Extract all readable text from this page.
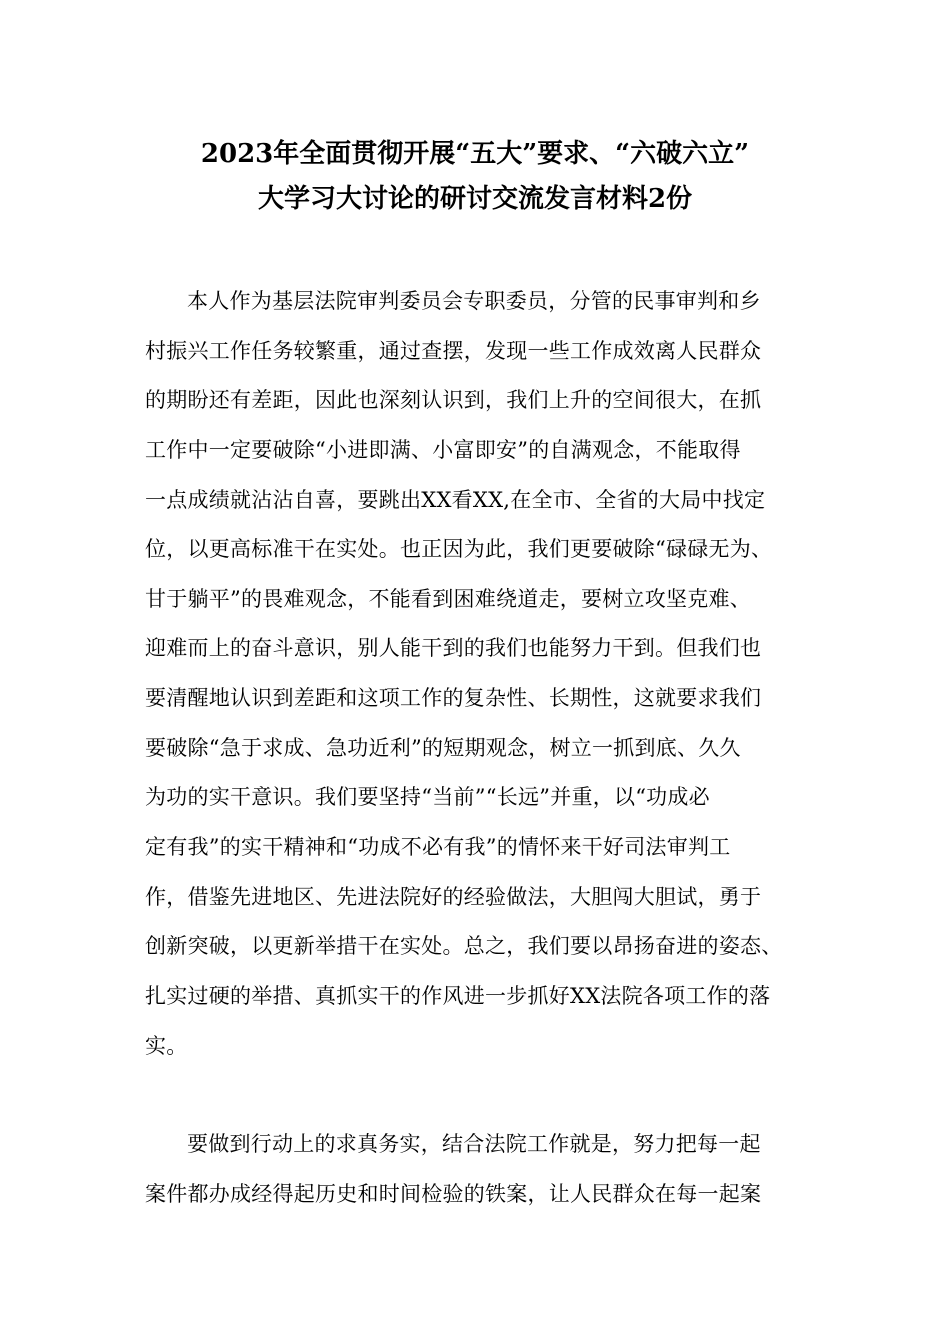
2023年全面贯彻开展“五大”要求、“六破六立”
大学习大讨论的研讨交流发言材料2份
本人作为基层法院审判委员会专职委员，分管的民事审判和乡
村振兴工作任务较繁重，通过查摆，发现一些工作成效离人民群众
的期盼还有差距，因此也深刻认识到，我们上升的空间很大，在抓
工作中一定要破除“小进即满、小富即安”的自满观念，不能取得
一点成绩就沾沾自喜，要跳出XX看XX,在全市、全省的大局中找定
位，以更高标准干在实处。也正因为此，我们更要破除“碌碌无为、
甘于躺平”的畏难观念，不能看到困难绕道走，要树立攻坚克难、
迎难而上的奋斗意识，别人能干到的我们也能努力干到。但我们也
要清醒地认识到差距和这项工作的复杂性、长期性，这就要求我们
要破除“急于求成、急功近利”的短期观念，树立一抓到底、久久
为功的实干意识。我们要坚持“当前”“长远”并重，以“功成必
定有我”的实干精神和“功成不必有我”的情怀来干好司法审判工
作，借鉴先进地区、先进法院好的经验做法，大胆闯大胆试，勇于
创新突破，以更新举措干在实处。总之，我们要以昂扬奋进的姿态、
扎实过硬的举措、真抓实干的作风进一步抓好XX法院各项工作的落
实。
要做到行动上的求真务实，结合法院工作就是，努力把每一起
案件都办成经得起历史和时间检验的铁案，让人民群众在每一起案
